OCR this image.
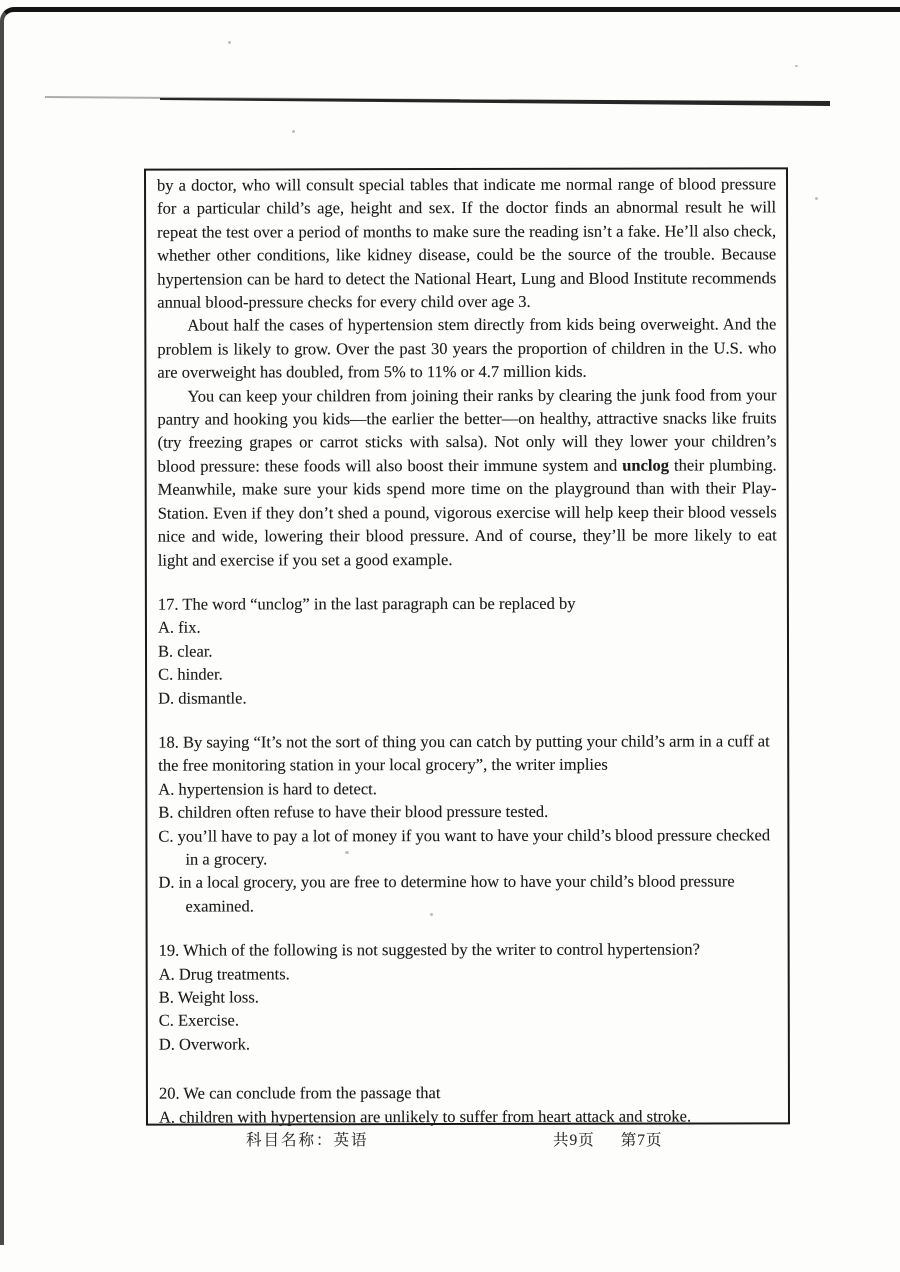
by a doctor, who will consult special tables that indicate me normal range of blood pressure for a particular child’s age, height and sex. If the doctor finds an abnormal result he will repeat the test over a period of months to make sure the reading isn’t a fake. He’ll also check, whether other conditions, like kidney disease, could be the source of the trouble. Because hypertension can be hard to detect the National Heart, Lung and Blood Institute recommends annual blood-pressure checks for every child over age 3.

About half the cases of hypertension stem directly from kids being overweight. And the problem is likely to grow. Over the past 30 years the proportion of children in the U.S. who are overweight has doubled, from 5% to 11% or 4.7 million kids.

You can keep your children from joining their ranks by clearing the junk food from your pantry and hooking you kids—the earlier the better—on healthy, attractive snacks like fruits (try freezing grapes or carrot sticks with salsa). Not only will they lower your children’s blood pressure: these foods will also boost their immune system and unclog their plumbing. Meanwhile, make sure your kids spend more time on the playground than with their Play-Station. Even if they don’t shed a pound, vigorous exercise will help keep their blood vessels nice and wide, lowering their blood pressure. And of course, they’ll be more likely to eat light and exercise if you set a good example.

17. The word “unclog” in the last paragraph can be replaced by
A. fix.
B. clear.
C. hinder.
D. dismantle.
18. By saying “It’s not the sort of thing you can catch by putting your child’s arm in a cuff at the free monitoring station in your local grocery”, the writer implies
A. hypertension is hard to detect.
B. children often refuse to have their blood pressure tested.
C. you’ll have to pay a lot of money if you want to have your child’s blood pressure checked in a grocery.
D. in a local grocery, you are free to determine how to have your child’s blood pressure examined.
19. Which of the following is not suggested by the writer to control hypertension?
A. Drug treatments.
B. Weight loss.
C. Exercise.
D. Overwork.
20. We can conclude from the passage that
A. children with hypertension are unlikely to suffer from heart attack and stroke.
科目名称：英语	共9页 第7页
